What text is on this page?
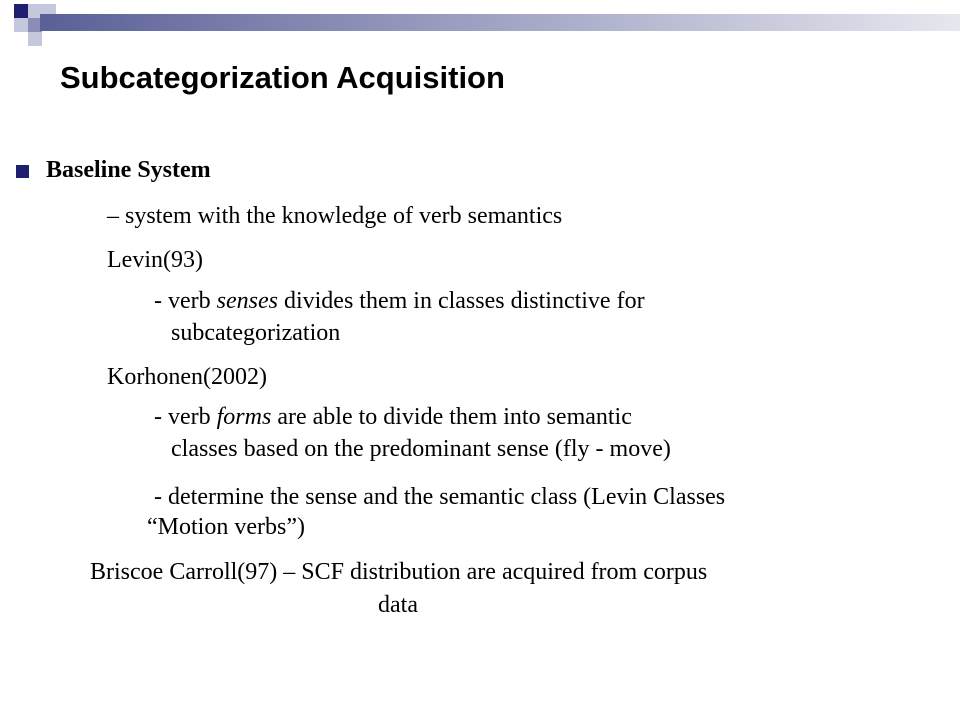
Subcategorization Acquisition
Baseline System
– system with the knowledge of verb semantics
Levin(93)
- verb senses divides them in classes distinctive for
subcategorization
Korhonen(2002)
- verb forms are able to divide them into semantic
classes based on the predominant sense (fly - move)
- determine the sense and the semantic class (Levin Classes
“Motion verbs”)
Briscoe Carroll(97) – SCF distribution are acquired from corpus
data
